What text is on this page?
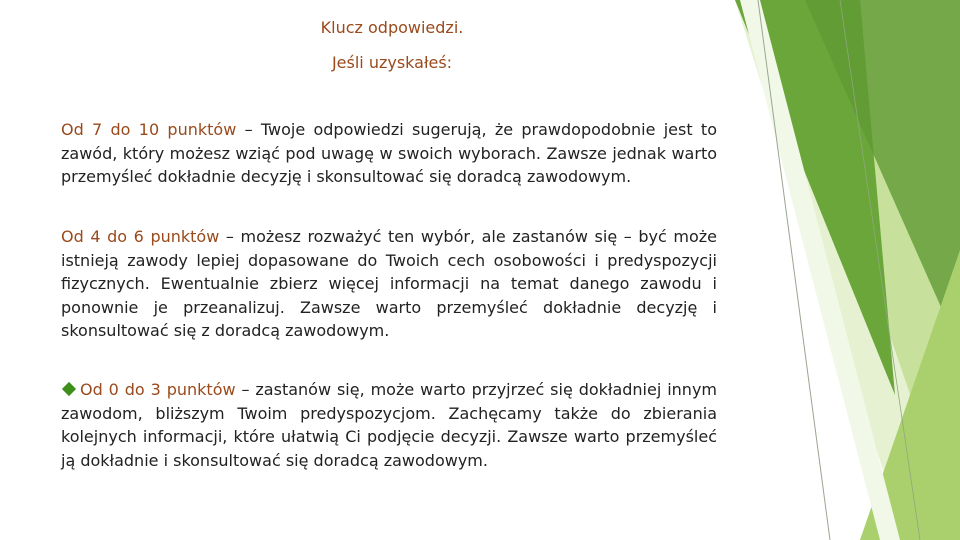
Klucz odpowiedzi.
Jeśli uzyskałeś:

Od 7 do 10 punktów – Twoje odpowiedzi sugerują, że prawdopodobnie jest to zawód, który możesz wziąć pod uwagę w swoich wyborach. Zawsze jednak warto przemyśleć dokładnie decyzję i skonsultować się doradcą zawodowym.

Od 4 do 6 punktów – możesz rozważyć ten wybór, ale zastanów się – być może istnieją zawody lepiej dopasowane do Twoich cech osobowości i predyspozycji fizycznych. Ewentualnie zbierz więcej informacji na temat danego zawodu i ponownie je przeanalizuj. Zawsze warto przemyśleć dokładnie decyzję i skonsultować się z doradcą zawodowym.

Od 0 do 3 punktów – zastanów się, może warto przyjrzeć się dokładniej innym zawodom, bliższym Twoim predyspozycjom. Zachęcamy także do zbierania kolejnych informacji, które ułatwią Ci podjęcie decyzji. Zawsze warto przemyśleć ją dokładnie i skonsultować się doradcą zawodowym.
